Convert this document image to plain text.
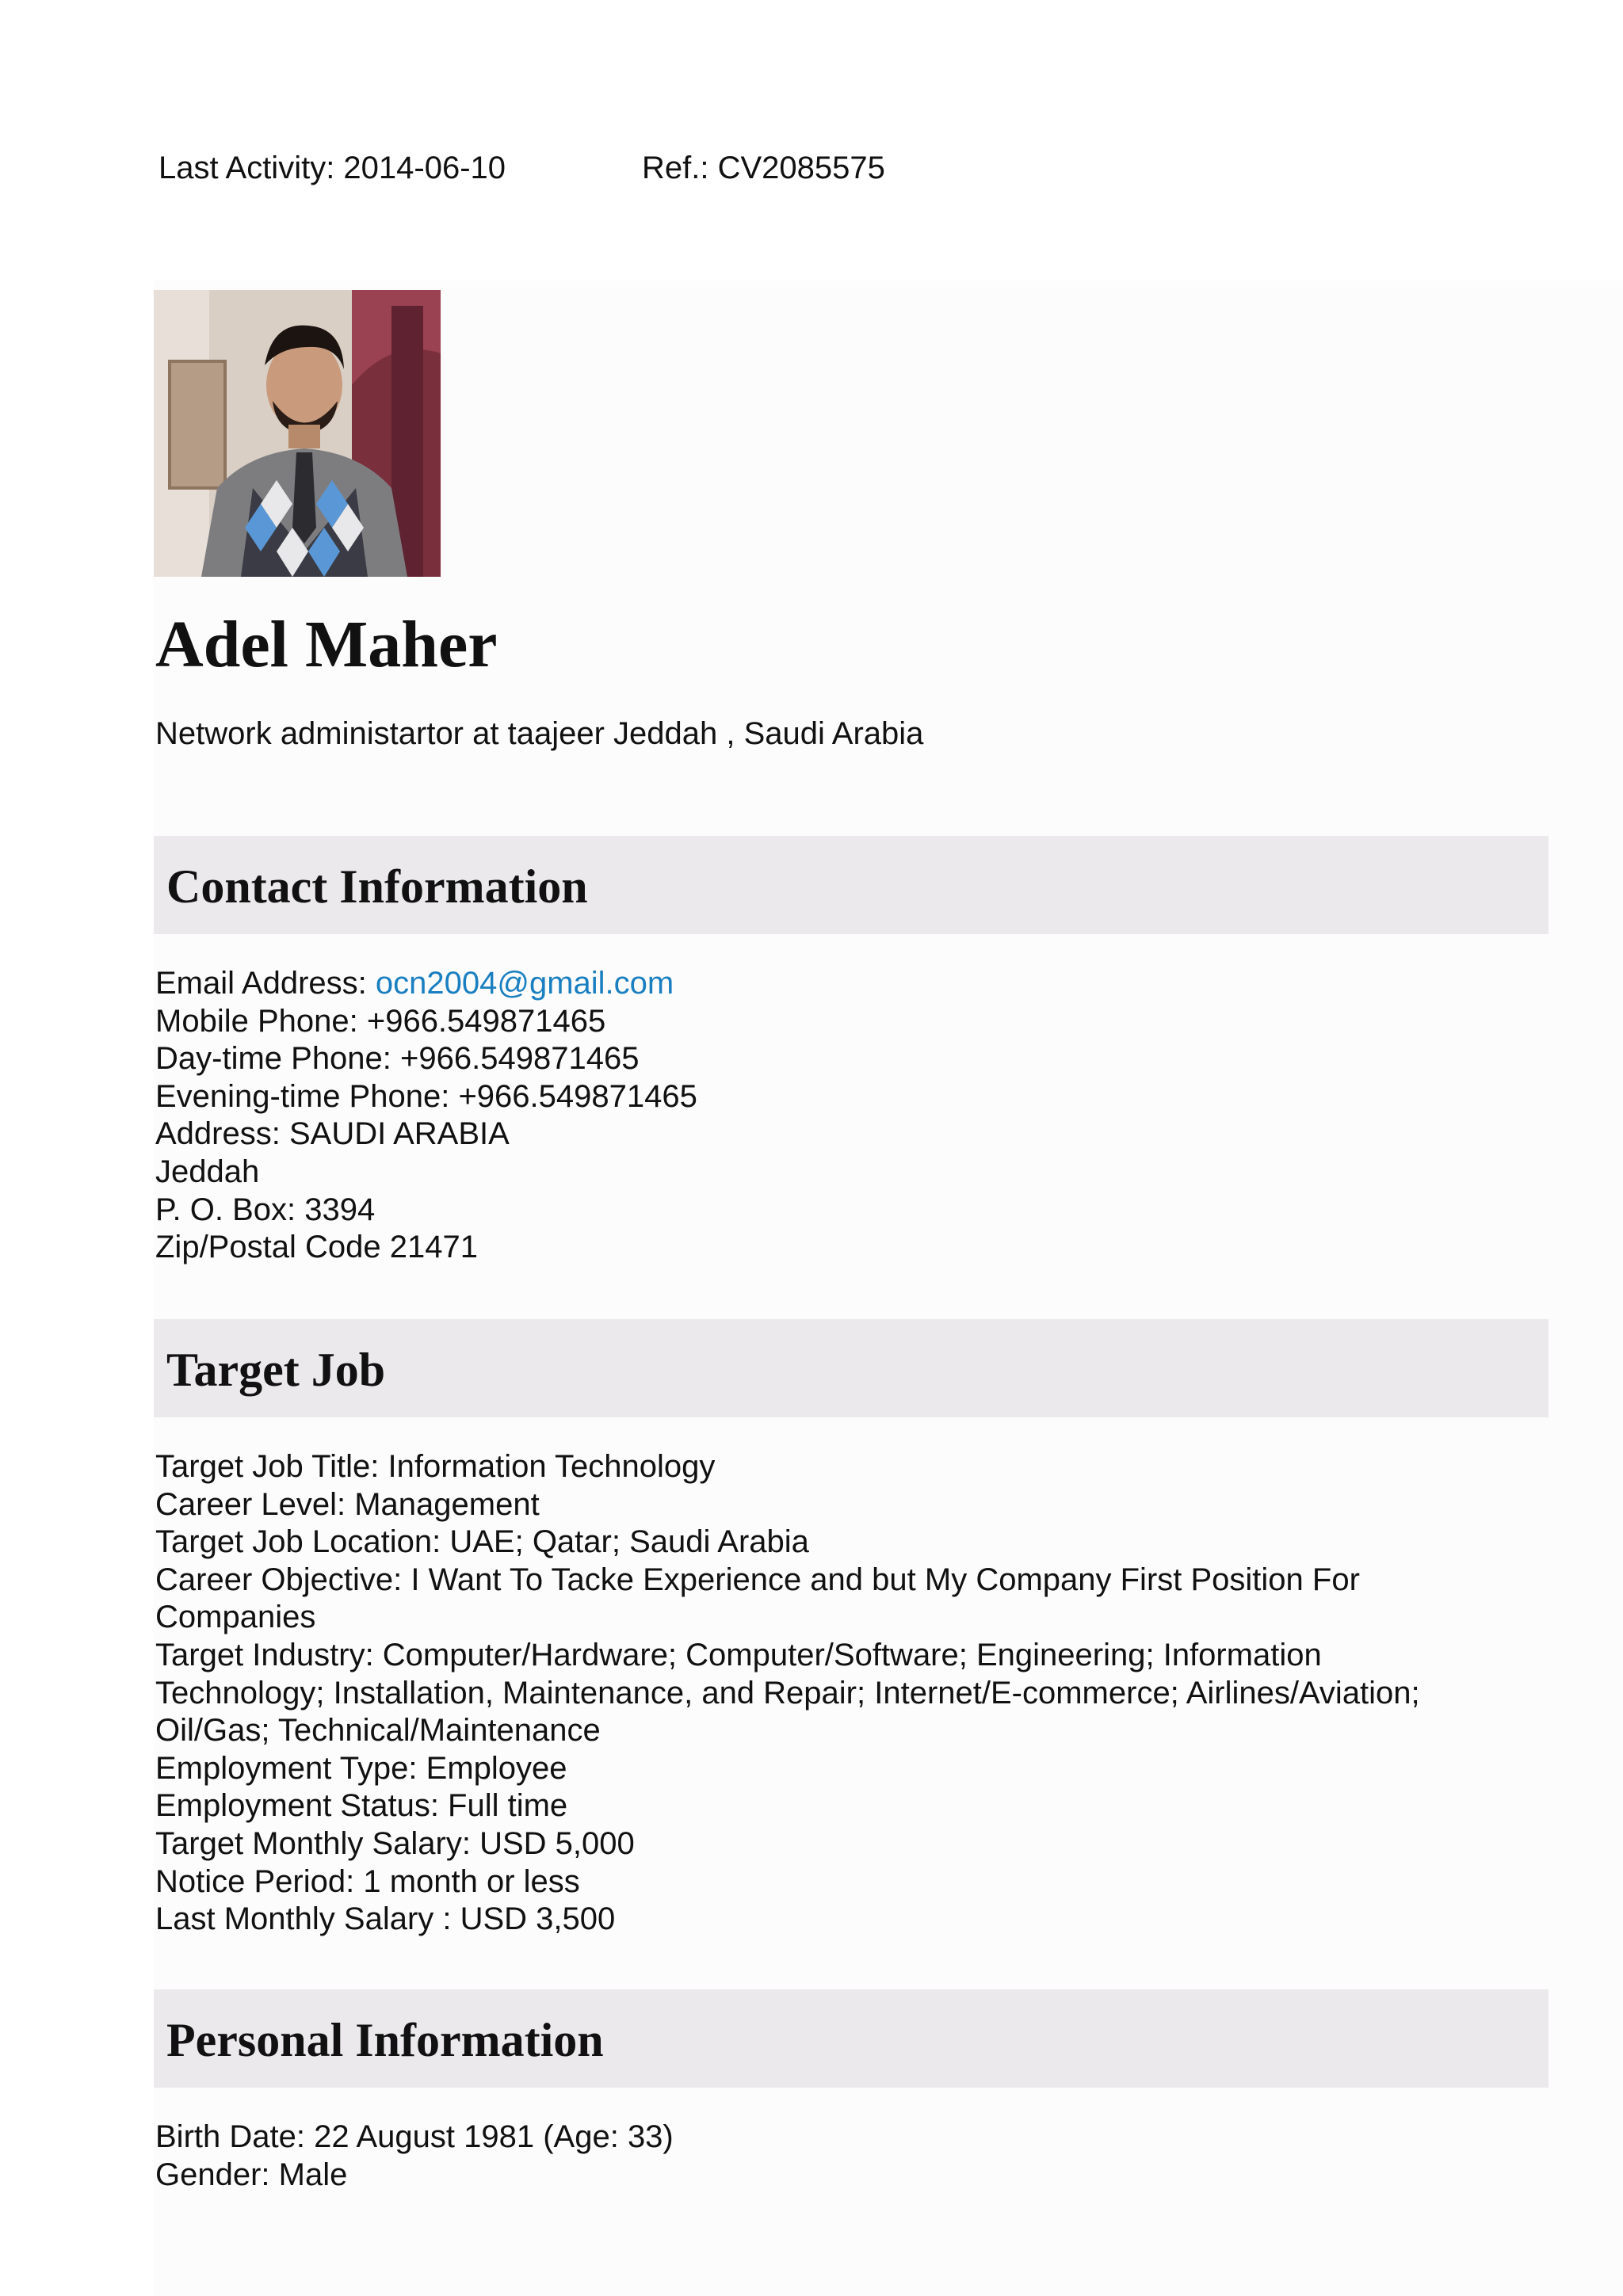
Last Activity: 2014-06-10	Ref.: CV2085575
Adel Maher
Network administartor at taajeer Jeddah , Saudi Arabia
Contact Information
Email Address: ocn2004@gmail.com
Mobile Phone: +966.549871465
Day-time Phone: +966.549871465
Evening-time Phone: +966.549871465
Address: SAUDI ARABIA
Jeddah
P. O. Box: 3394
Zip/Postal Code 21471
Target Job
Target Job Title: Information Technology
Career Level: Management
Target Job Location: UAE; Qatar; Saudi Arabia
Career Objective: I Want To Tacke Experience and but My Company First Position For
Companies
Target Industry: Computer/Hardware; Computer/Software; Engineering; Information
Technology; Installation, Maintenance, and Repair; Internet/E-commerce; Airlines/Aviation;
Oil/Gas; Technical/Maintenance
Employment Type: Employee
Employment Status: Full time
Target Monthly Salary: USD 5,000
Notice Period: 1 month or less
Last Monthly Salary : USD 3,500
Personal Information
Birth Date: 22 August 1981 (Age: 33)
Gender: Male
